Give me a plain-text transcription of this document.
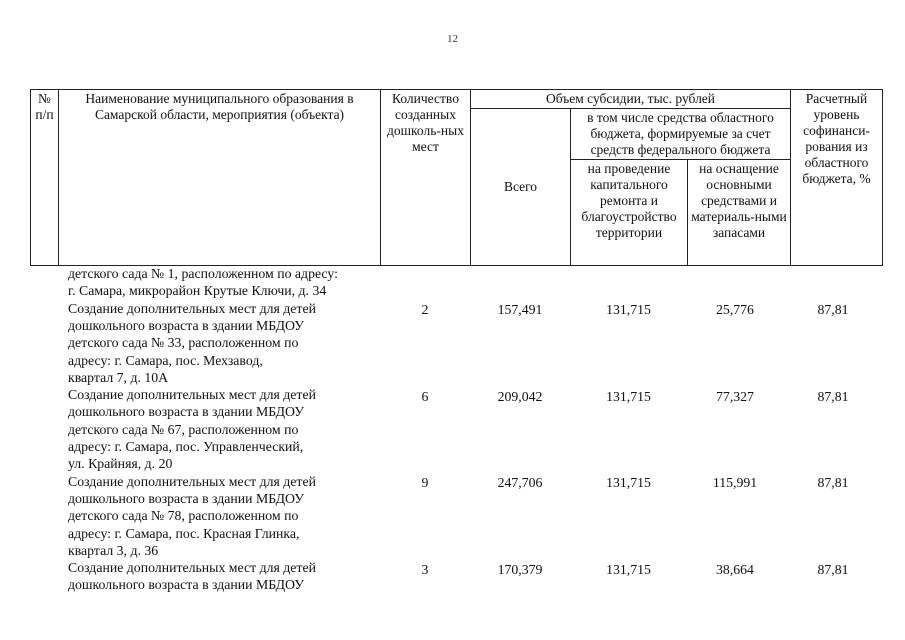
12
№ п/п	Наименование муниципального образования в Самарской области, мероприятия (объекта)	Количество созданных дошколь-ных мест	Объем субсидии, тыс. рублей			Расчетный уровень софинанси-рования из областного бюджета, %
			Всего	в том числе средства областного бюджета, формируемые за счет средств федерального бюджета		
				на проведение капитального ремонта и благоустройство территории	на оснащение основными средствами и материаль-ными запасами	
детского сада № 1, расположенном по адресу:
г. Самара, микрорайон Крутые Ключи, д. 34
Создание дополнительных мест для детей
дошкольного возраста в здании МБДОУ
детского сада № 33, расположенном по
адресу: г. Самара, пос. Мехзавод,
квартал 7, д. 10А
2	157,491	131,715	25,776	87,81
Создание дополнительных мест для детей
дошкольного возраста в здании МБДОУ
детского сада № 67, расположенном по
адресу: г. Самара, пос. Управленческий,
ул. Крайняя, д. 20
6	209,042	131,715	77,327	87,81
Создание дополнительных мест для детей
дошкольного возраста в здании МБДОУ
детского сада № 78, расположенном по
адресу: г. Самара, пос. Красная Глинка,
квартал 3, д. 36
9	247,706	131,715	115,991	87,81
Создание дополнительных мест для детей
дошкольного возраста в здании МБДОУ
3	170,379	131,715	38,664	87,81
